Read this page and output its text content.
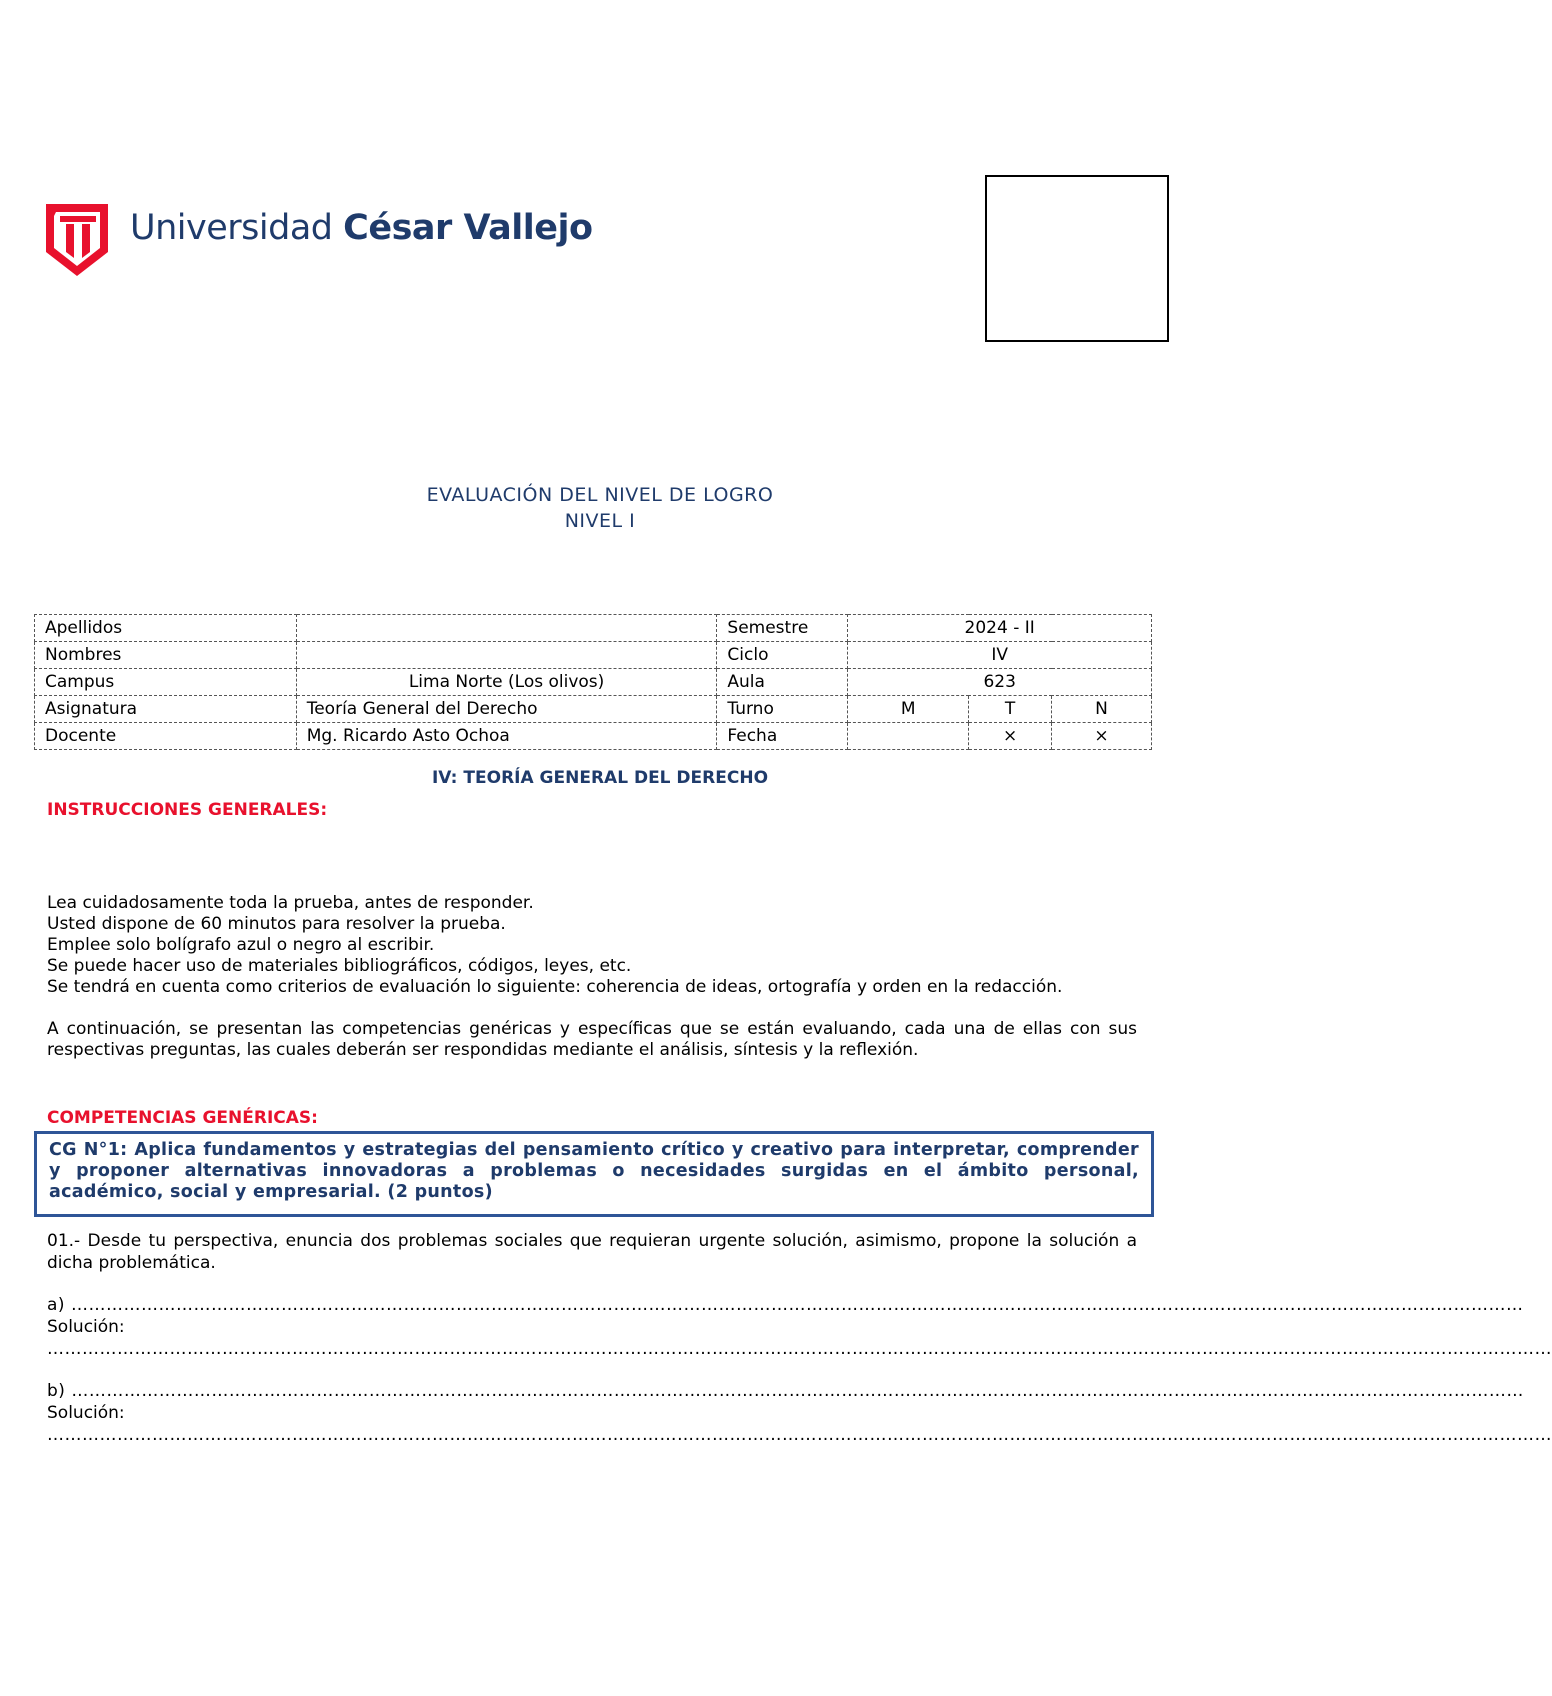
Universidad César Vallejo
EVALUACIÓN DEL NIVEL DE LOGRO
NIVEL I
Apellidos		Semestre	2024 - II		
Nombres		Ciclo	IV		
Campus	Lima Norte (Los olivos)	Aula	623		
Asignatura	Teoría General del Derecho	Turno	M	T	N
Docente	Mg. Ricardo Asto Ochoa	Fecha		×	×
IV: TEORÍA GENERAL DEL DERECHO
INSTRUCCIONES GENERALES:

Lea cuidadosamente toda la prueba, antes de responder.

Usted dispone de 60 minutos para resolver la prueba.

Emplee solo bolígrafo azul o negro al escribir.

Se puede hacer uso de materiales bibliográficos, códigos, leyes, etc.

Se tendrá en cuenta como criterios de evaluación lo siguiente: coherencia de ideas, ortografía y orden en la redacción.

A continuación, se presentan las competencias genéricas y específicas que se están evaluando, cada una de ellas con sus respectivas preguntas, las cuales deberán ser respondidas mediante el análisis, síntesis y la reflexión.

COMPETENCIAS GENÉRICAS:

CG N°1: Aplica fundamentos y estrategias del pensamiento crítico y creativo para interpretar, comprender y proponer alternativas innovadoras a problemas o necesidades surgidas en el ámbito personal, académico, social y empresarial. (2 puntos)

01.- Desde tu perspectiva, enuncia dos problemas sociales que requieran urgente solución, asimismo, propone la solución a dicha problemática.

a) ……………………………………………………………………………………………………………………………………………………………………………………………………………………………

Solución:

……………………………………………………………………………………………………………………………………………………………………………………………………………………………………
b) ……………………………………………………………………………………………………………………………………………………………………………………………………………………………

Solución:

……………………………………………………………………………………………………………………………………………………………………………………………………………………………………
